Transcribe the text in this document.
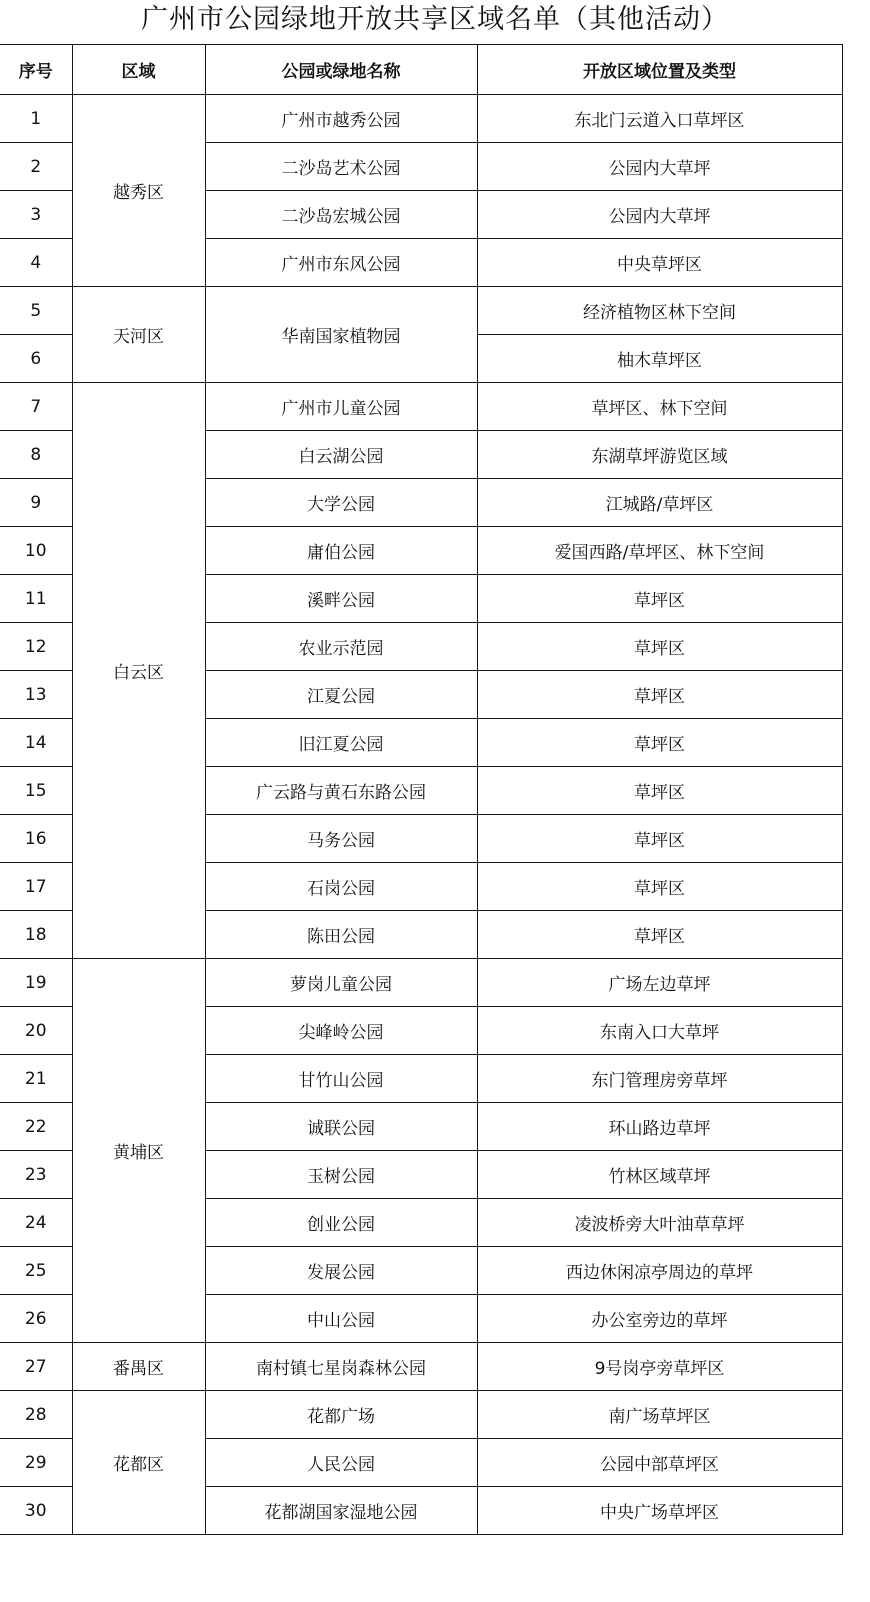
广州市公园绿地开放共享区域名单（其他活动）
序号	区域	公园或绿地名称	开放区域位置及类型
1	越秀区	广州市越秀公园	东北门云道入口草坪区
2		二沙岛艺术公园	公园内大草坪
3		二沙岛宏城公园	公园内大草坪
4		广州市东风公园	中央草坪区
5	天河区	华南国家植物园	经济植物区林下空间
6			柚木草坪区
7	白云区	广州市儿童公园	草坪区、林下空间
8		白云湖公园	东湖草坪游览区域
9		大学公园	江城路/草坪区
10		庸伯公园	爱国西路/草坪区、林下空间
11		溪畔公园	草坪区
12		农业示范园	草坪区
13		江夏公园	草坪区
14		旧江夏公园	草坪区
15		广云路与黄石东路公园	草坪区
16		马务公园	草坪区
17		石岗公园	草坪区
18		陈田公园	草坪区
19	黄埔区	萝岗儿童公园	广场左边草坪
20		尖峰岭公园	东南入口大草坪
21		甘竹山公园	东门管理房旁草坪
22		诚联公园	环山路边草坪
23		玉树公园	竹林区域草坪
24		创业公园	凌波桥旁大叶油草草坪
25		发展公园	西边休闲凉亭周边的草坪
26		中山公园	办公室旁边的草坪
27	番禺区	南村镇七星岗森林公园	9号岗亭旁草坪区
28	花都区	花都广场	南广场草坪区
29		人民公园	公园中部草坪区
30		花都湖国家湿地公园	中央广场草坪区
